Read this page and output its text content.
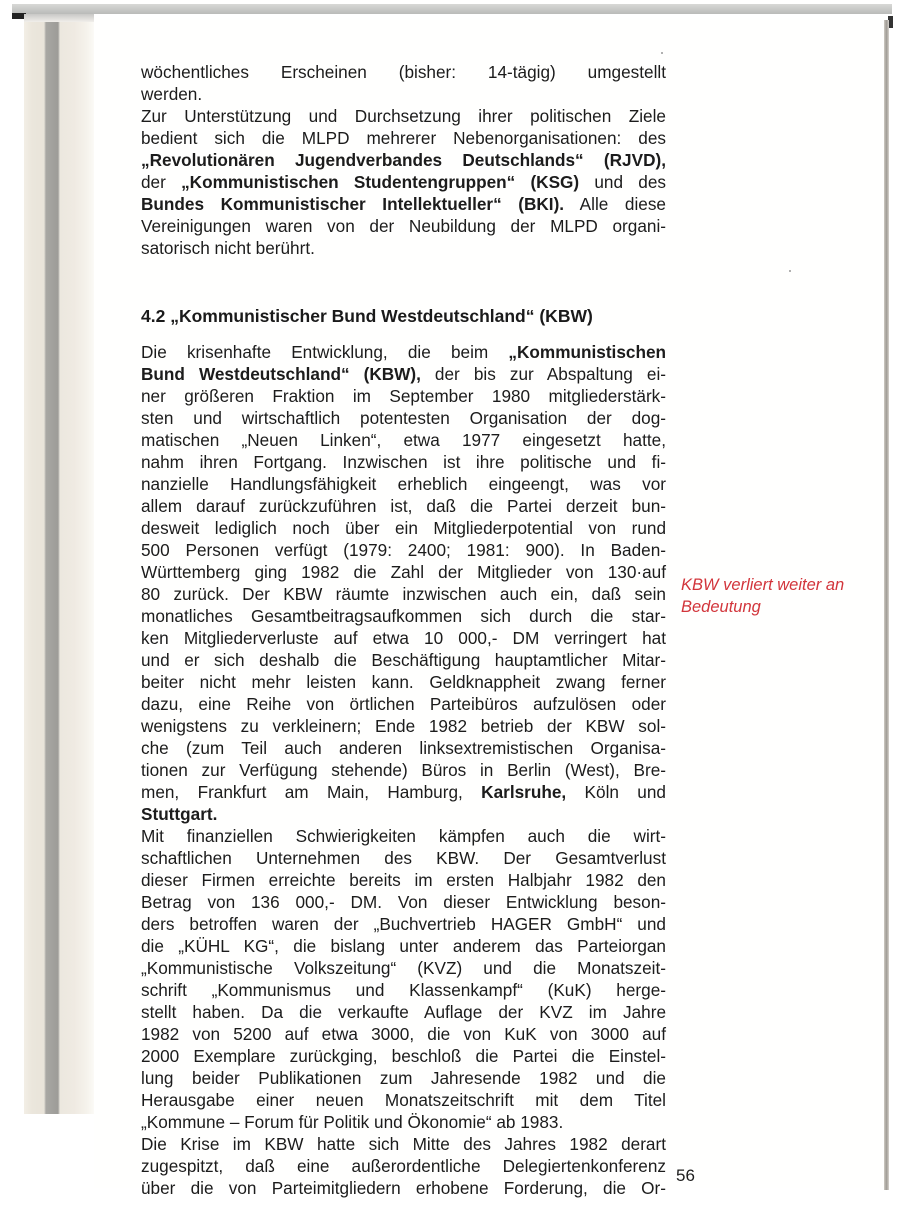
wöchentliches Erscheinen (bisher: 14-tägig) umgestellt
werden.
Zur Unterstützung und Durchsetzung ihrer politischen Ziele
bedient sich die MLPD mehrerer Nebenorganisationen: des
„Revolutionären Jugendverbandes Deutschlands“ (RJVD),
der „Kommunistischen Studentengruppen“ (KSG) und des
Bundes Kommunistischer Intellektueller“ (BKI). Alle diese
Vereinigungen waren von der Neubildung der MLPD organi-
satorisch nicht berührt.
4.2 „Kommunistischer Bund Westdeutschland“ (KBW)
Die krisenhafte Entwicklung, die beim „Kommunistischen
Bund Westdeutschland“ (KBW), der bis zur Abspaltung ei-
ner größeren Fraktion im September 1980 mitgliederstärk-
sten und wirtschaftlich potentesten Organisation der dog-
matischen „Neuen Linken“, etwa 1977 eingesetzt hatte,
nahm ihren Fortgang. Inzwischen ist ihre politische und fi-
nanzielle Handlungsfähigkeit erheblich eingeengt, was vor
allem darauf zurückzuführen ist, daß die Partei derzeit bun-
desweit lediglich noch über ein Mitgliederpotential von rund
500 Personen verfügt (1979: 2400; 1981: 900). In Baden-
Württemberg ging 1982 die Zahl der Mitglieder von 130·auf
80 zurück. Der KBW räumte inzwischen auch ein, daß sein
monatliches Gesamtbeitragsaufkommen sich durch die star-
ken Mitgliederverluste auf etwa 10 000,- DM verringert hat
und er sich deshalb die Beschäftigung hauptamtlicher Mitar-
beiter nicht mehr leisten kann. Geldknappheit zwang ferner
dazu, eine Reihe von örtlichen Parteibüros aufzulösen oder
wenigstens zu verkleinern; Ende 1982 betrieb der KBW sol-
che (zum Teil auch anderen linksextremistischen Organisa-
tionen zur Verfügung stehende) Büros in Berlin (West), Bre-
men, Frankfurt am Main, Hamburg, Karlsruhe, Köln und
Stuttgart.
Mit finanziellen Schwierigkeiten kämpfen auch die wirt-
schaftlichen Unternehmen des KBW. Der Gesamtverlust
dieser Firmen erreichte bereits im ersten Halbjahr 1982 den
Betrag von 136 000,- DM. Von dieser Entwicklung beson-
ders betroffen waren der „Buchvertrieb HAGER GmbH“ und
die „KÜHL KG“, die bislang unter anderem das Parteiorgan
„Kommunistische Volkszeitung“ (KVZ) und die Monatszeit-
schrift „Kommunismus und Klassenkampf“ (KuK) herge-
stellt haben. Da die verkaufte Auflage der KVZ im Jahre
1982 von 5200 auf etwa 3000, die von KuK von 3000 auf
2000 Exemplare zurückging, beschloß die Partei die Einstel-
lung beider Publikationen zum Jahresende 1982 und die
Herausgabe einer neuen Monatszeitschrift mit dem Titel
„Kommune – Forum für Politik und Ökonomie“ ab 1983.
Die Krise im KBW hatte sich Mitte des Jahres 1982 derart
zugespitzt, daß eine außerordentliche Delegiertenkonferenz
über die von Parteimitgliedern erhobene Forderung, die Or-
KBW verliert weiter an
Bedeutung
56
